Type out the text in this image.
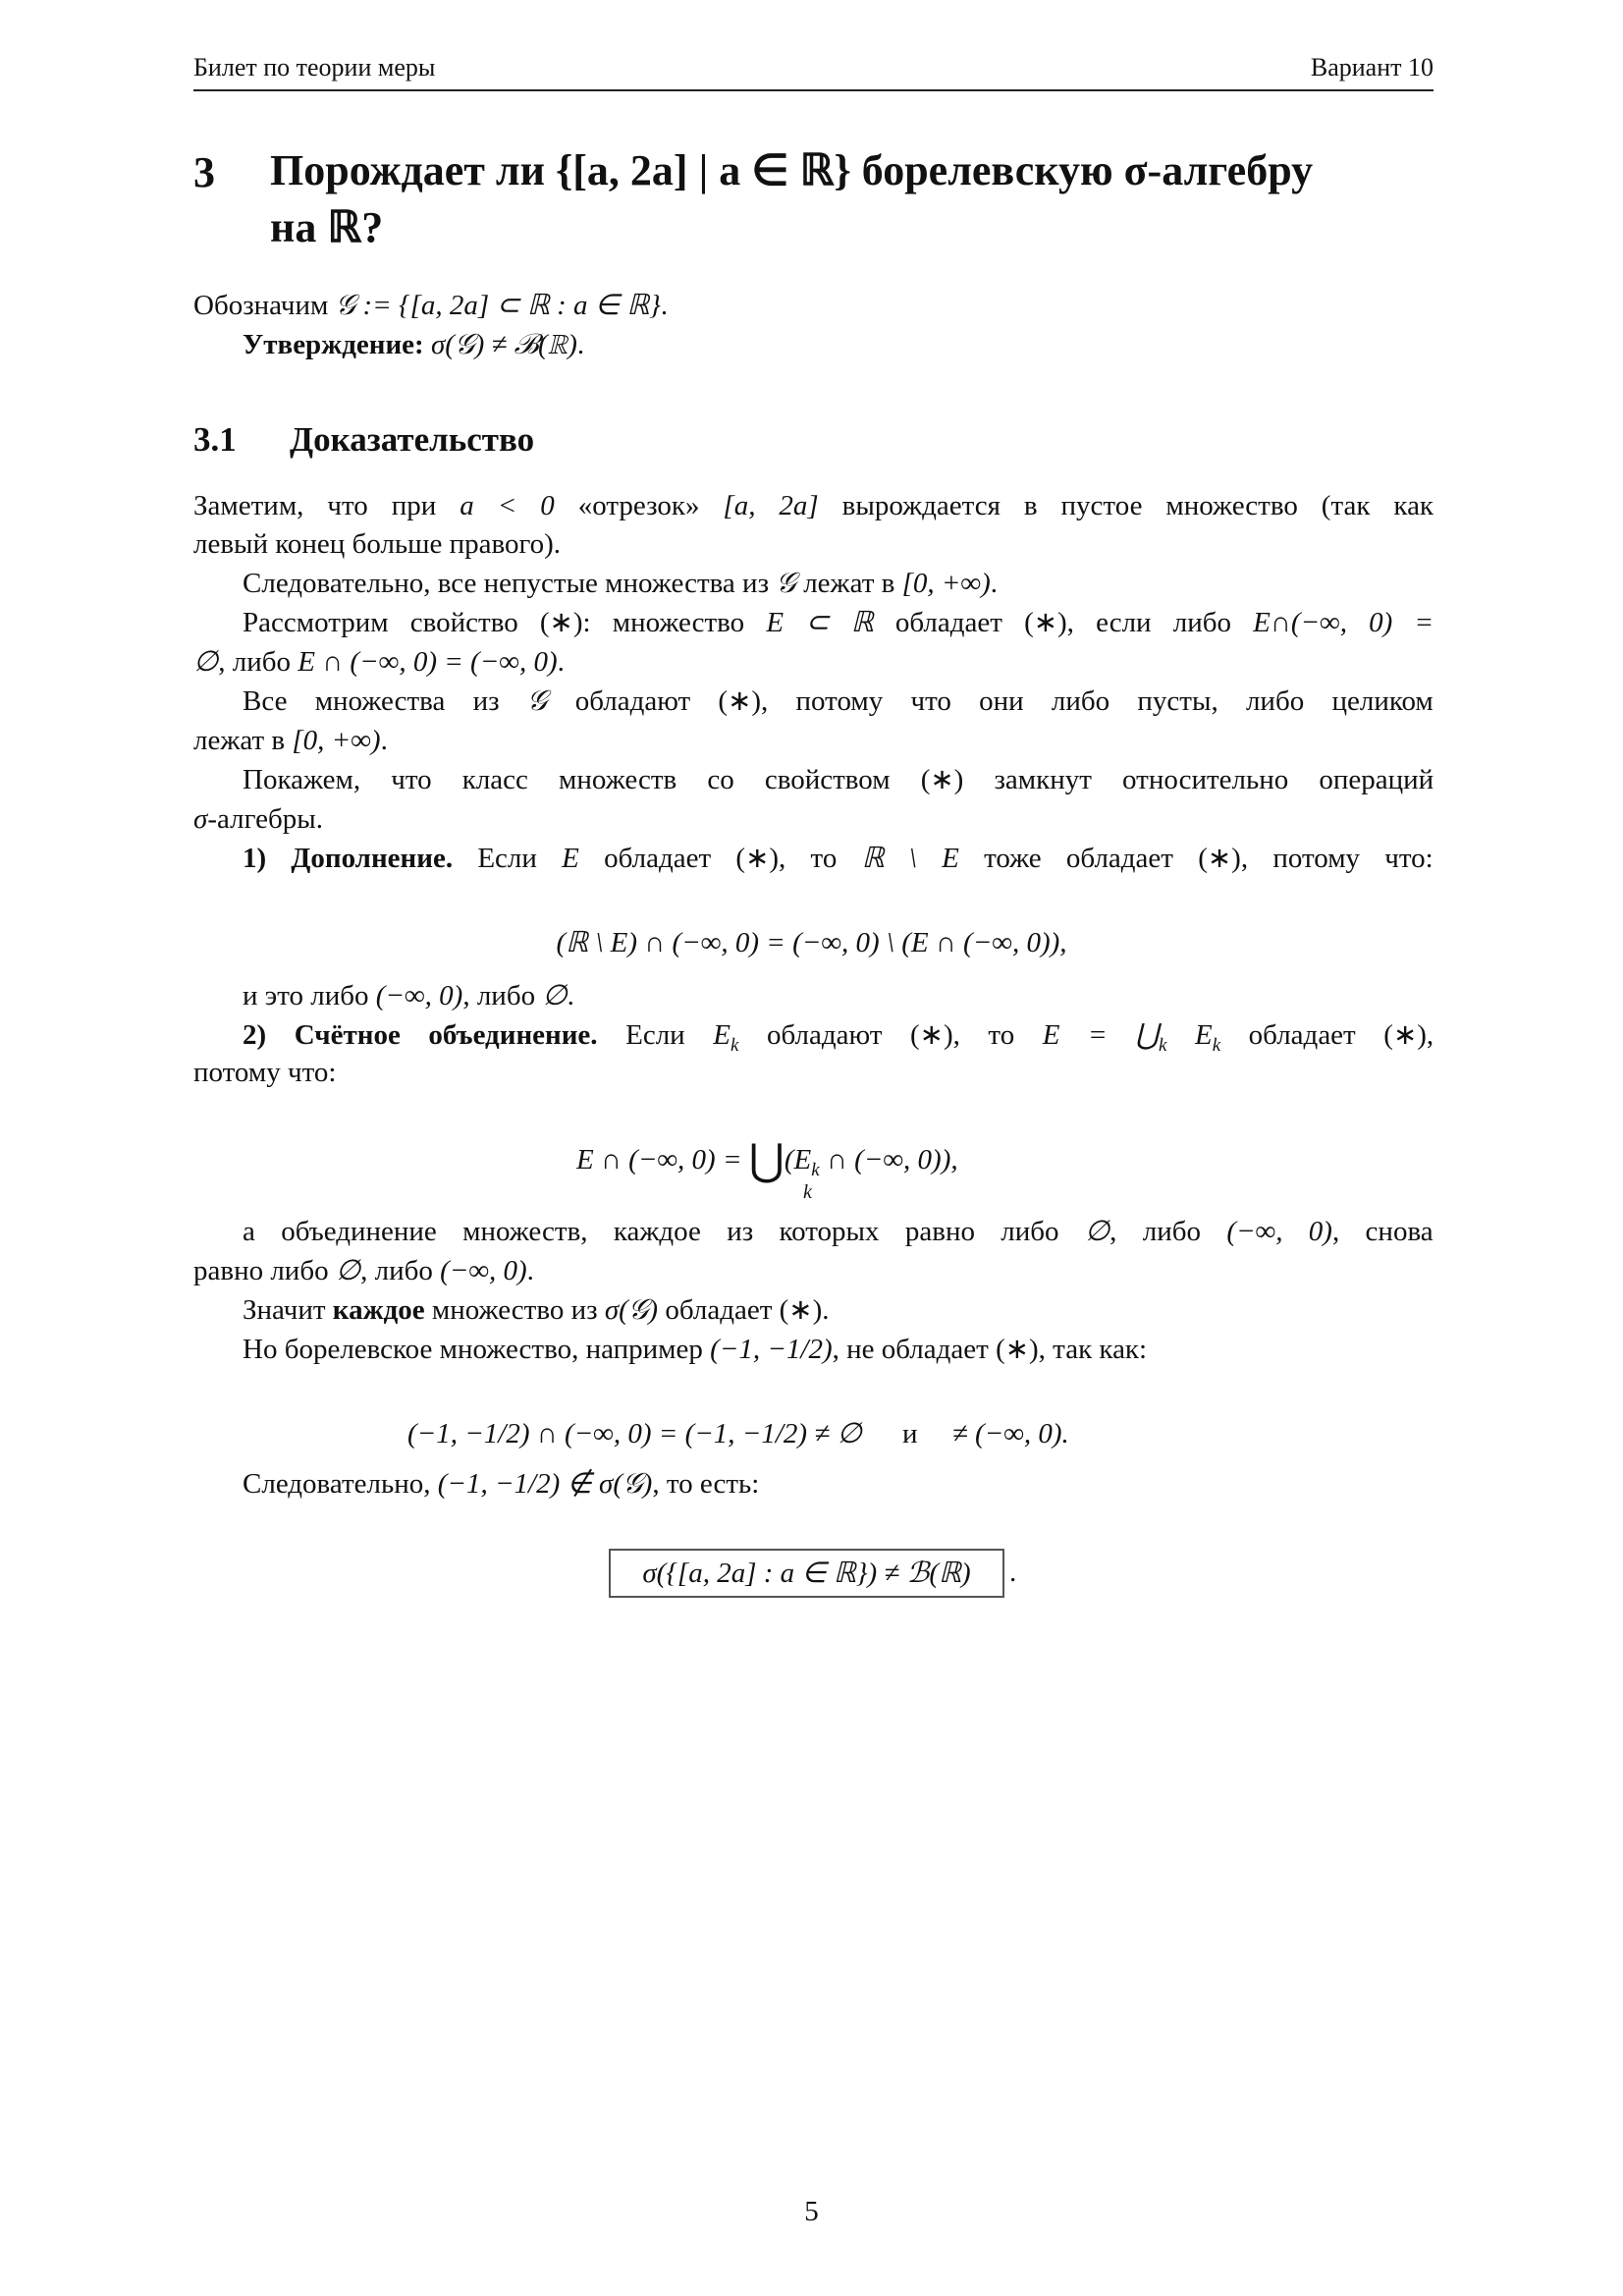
Билет по теории меры	Вариант 10
3 Порождает ли {[a, 2a] | a ∈ ℝ} борелевскую σ-алгебру
на ℝ?
Обозначим 𝒢 := {[a, 2a] ⊂ ℝ : a ∈ ℝ}.
Утверждение: σ(𝒢) ≠ ℬ(ℝ).
3.1 Доказательство
Заметим, что при a < 0 «отрезок» [a, 2a] вырождается в пустое множество (так как
левый конец больше правого).
Следовательно, все непустые множества из 𝒢 лежат в [0, +∞).
Рассмотрим свойство (∗): множество E ⊂ ℝ обладает (∗), если либо E∩(−∞, 0) =
∅, либо E ∩ (−∞, 0) = (−∞, 0).
Все множества из 𝒢 обладают (∗), потому что они либо пусты, либо целиком
лежат в [0, +∞).
Покажем, что класс множеств со свойством (∗) замкнут относительно операций
σ-алгебры.
1) Дополнение. Если E обладает (∗), то ℝ \ E тоже обладает (∗), потому что:
(ℝ \ E) ∩ (−∞, 0) = (−∞, 0) \ (E ∩ (−∞, 0)),
и это либо (−∞, 0), либо ∅.
2) Счётное объединение. Если $E_k$ обладают (∗), то $E = ⋃_k$ $E_k$ обладает (∗),
потому что:
E ∩ (−∞, $0) = ⋃(E_k$ ∩ (−∞, 0)),
k
а объединение множеств, каждое из которых равно либо ∅, либо (−∞, 0), снова
равно либо ∅, либо (−∞, 0).
Значит каждое множество из σ(𝒢) обладает (∗).
Но борелевское множество, например (−1, −1/2), не обладает (∗), так как:
(−1, −1/2) ∩ (−∞, 0) = (−1, −1/2) ≠ ∅ и ≠ (−∞, 0).
Следовательно, (−1, −1/2) ∉ σ(𝒢), то есть:
σ({[a, 2a] : a ∈ ℝ}) ≠ ℬ(ℝ)	.
5
